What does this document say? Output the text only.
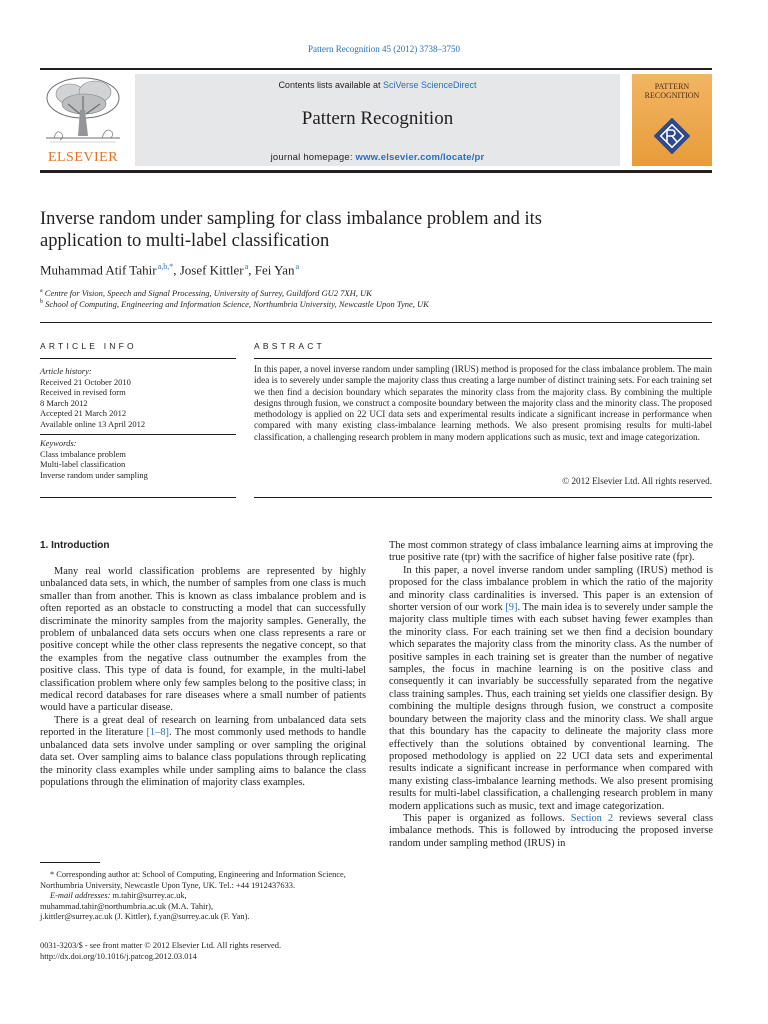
Pattern Recognition 45 (2012) 3738–3750
ELSEVIER
Contents lists available at SciVerse ScienceDirect
Pattern Recognition
journal homepage: www.elsevier.com/locate/pr
PATTERN
RECOGNITION
Inverse random under sampling for class imbalance problem and its
application to multi-label classification
Muhammad Atif Tahir $^{a,b,*}$, Josef Kittler $^a$, Fei Yan $^a$
$^a$ Centre for Vision, Speech and Signal Processing, University of Surrey, Guildford GU2 7XH, UK
$^b$ School of Computing, Engineering and Information Science, Northumbria University, Newcastle Upon Tyne, UK
ARTICLE INFO	ABSTRACT
Article history:
Received 21 October 2010
Received in revised form
8 March 2012
Accepted 21 March 2012
Available online 13 April 2012
Keywords:
Class imbalance problem
Multi-label classification
Inverse random under sampling
In this paper, a novel inverse random under sampling (IRUS) method is proposed for the class imbalance problem. The main idea is to severely under sample the majority class thus creating a large number of distinct training sets. For each training set we then find a decision boundary which separates the minority class from the majority class. By combining the multiple designs through fusion, we construct a composite boundary between the majority class and the minority class. The proposed methodology is applied on 22 UCI data sets and experimental results indicate a significant increase in performance when compared with many existing class-imbalance learning methods. We also present promising results for multi-label classification, a challenging research problem in many modern applications such as music, text and image categorization.
© 2012 Elsevier Ltd. All rights reserved.
1. Introduction

Many real world classification problems are represented by highly unbalanced data sets, in which, the number of samples from one class is much smaller than from another. This is known as class imbalance problem and is often reported as an obstacle to constructing a model that can successfully discriminate the minority samples from the majority samples. Generally, the problem of unbalanced data sets occurs when one class represents a rare or positive concept while the other class represents the negative concept, so that the examples from the negative class outnumber the examples from the positive class. This type of data is found, for example, in the multi-label classification problem where only few samples belong to the positive class; in medical record databases for rare diseases where a small number of patients would have a particular disease.

There is a great deal of research on learning from unbalanced data sets reported in the literature [1–8]. The most commonly used methods to handle unbalanced data sets involve under sampling or over sampling the original data set. Over sampling aims to balance class populations through replicating the minority class examples while under sampling aims to balance the class populations through the elimination of majority class examples.

The most common strategy of class imbalance learning aims at improving the true positive rate (tpr) with the sacrifice of higher false positive rate (fpr).

In this paper, a novel inverse random under sampling (IRUS) method is proposed for the class imbalance problem in which the ratio of the majority and minority class cardinalities is inversed. This paper is an extension of shorter version of our work [9]. The main idea is to severely under sample the majority class multiple times with each subset having fewer examples than the minority class. For each training set we then find a decision boundary which separates the majority class from the minority class. As the number of positive samples in each training set is greater than the number of negative samples, the focus in machine learning is on the positive class and consequently it can invariably be successfully separated from the negative class training samples. Thus, each training set yields one classifier design. By combining the multiple designs through fusion, we construct a composite boundary between the majority class and the minority class. We shall argue that this boundary has the capacity to delineate the majority class more effectively than the solutions obtained by conventional learning. The proposed methodology is applied on 22 UCI data sets and experimental results indicate a significant increase in performance when compared with many existing class-imbalance learning methods. We also present promising results for multi-label classification, a challenging research problem in many modern applications such as music, text and image categorization.

This paper is organized as follows. Section 2 reviews several class imbalance methods. This is followed by introducing the proposed inverse random under sampling method (IRUS) in

* Corresponding author at: School of Computing, Engineering and Information Science, Northumbria University, Newcastle Upon Tyne, UK. Tel.: +44 1912437633.

E-mail addresses: m.tahir@surrey.ac.uk,

muhammad.tahir@northumbria.ac.uk (M.A. Tahir),

j.kittler@surrey.ac.uk (J. Kittler), f.yan@surrey.ac.uk (F. Yan).

0031-3203/$ - see front matter © 2012 Elsevier Ltd. All rights reserved.

http://dx.doi.org/10.1016/j.patcog.2012.03.014
